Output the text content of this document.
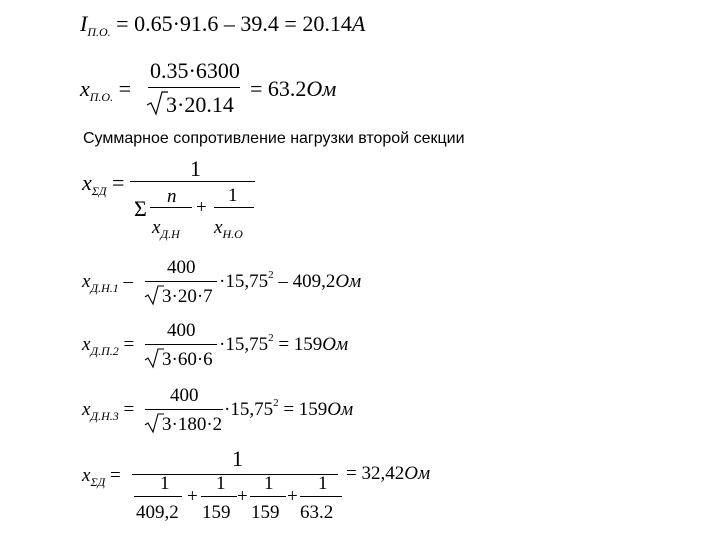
$I_{П.О.} = 0.65\cdot 91.6 - 39.4 = 20.14A$
$x_{П.О.}$ =
0.35·6300
3·20.14
= 63.2Ом
Суммарное сопротивление нагрузки второй секции
$x_{\Sigma Д}$ =
1
Σ n
+
1
$x_{Д.Н}$ $x_{Н.О}$
$x_{Д.Н.1}$ –
400
3·20·7
$\cdot 15,75^2 - 409,2Ом$
$x_{Д.П.2}$ =
400
3·60·6
$\cdot 15,75^2 = 159Ом$
$x_{Д.Н.3}$ =
400
3·180·2
$\cdot 15,75^2 = 159Ом$
$x_{\Sigma Д}$ =
1
1
409,2
+
1
159
+
1
159
+
1
63.2
= 32,42Ом
